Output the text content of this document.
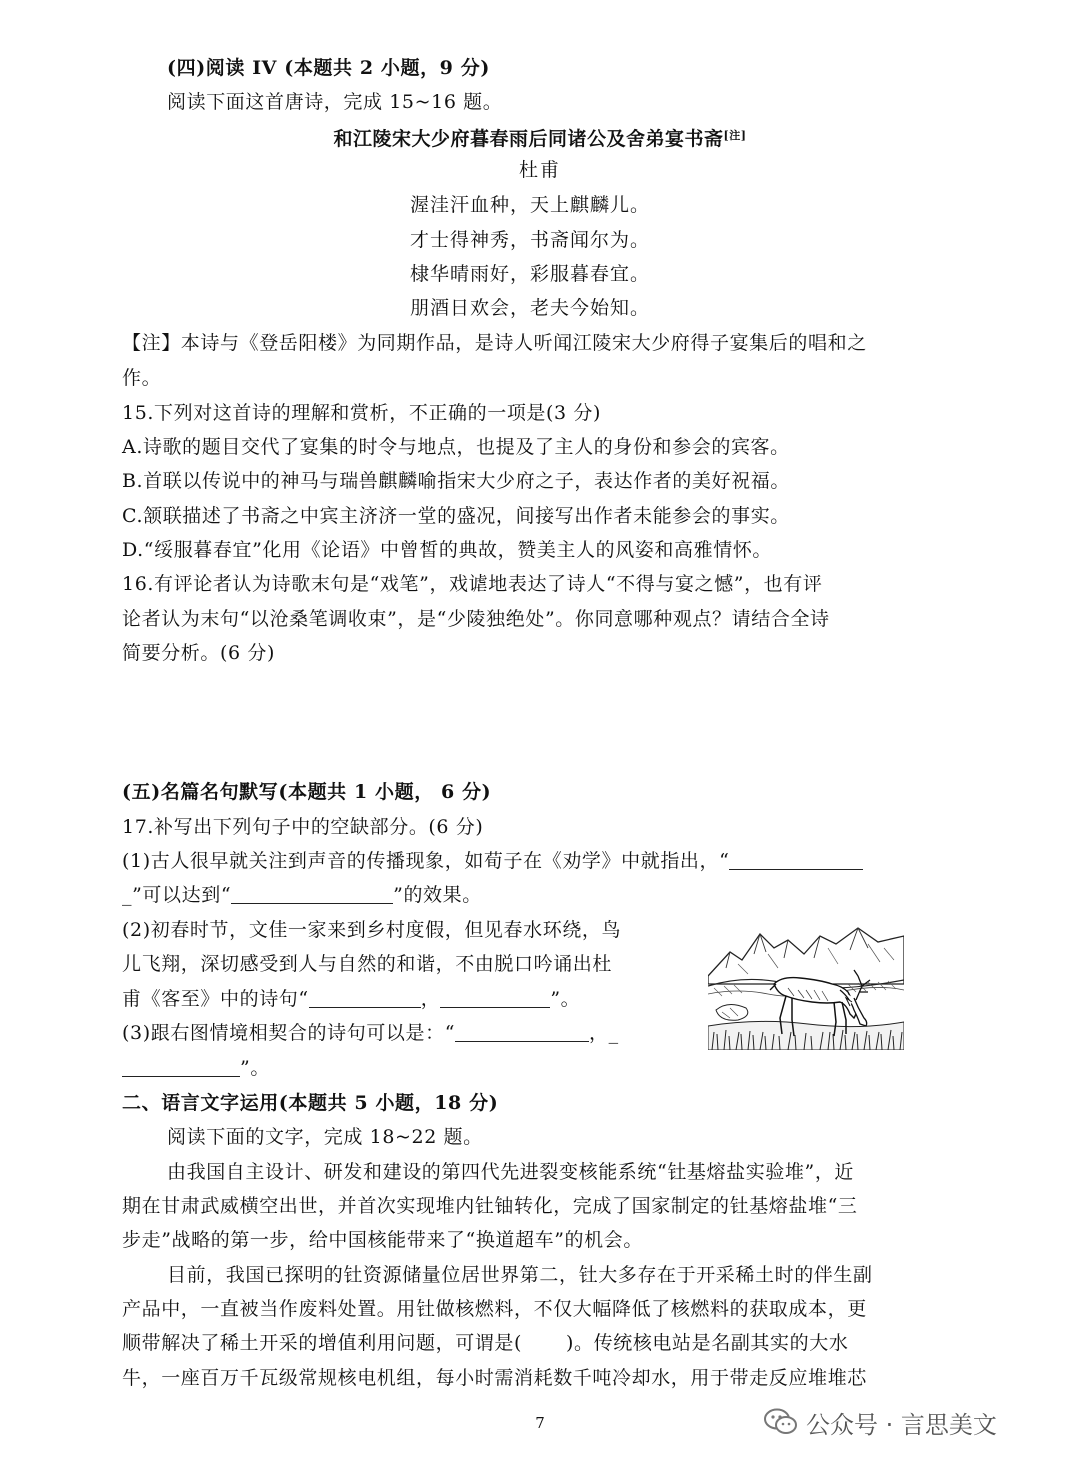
(四)阅读 IV (本题共 2 小题，9 分)
阅读下面这首唐诗，完成 15~16 题。
和江陵宋大少府暮春雨后同诸公及舍弟宴书斋[注]
杜甫
渥洼汗血种，天上麒麟儿。
才士得神秀，书斋闻尔为。
棣华晴雨好，彩服暮春宜。
朋酒日欢会，老夫今始知。
【注】本诗与《登岳阳楼》为同期作品，是诗人听闻江陵宋大少府得子宴集后的唱和之
作。
15.下列对这首诗的理解和赏析，不正确的一项是(3 分)
A.诗歌的题目交代了宴集的时令与地点，也提及了主人的身份和参会的宾客。
B.首联以传说中的神马与瑞兽麒麟喻指宋大少府之子，表达作者的美好祝福。
C.颔联描述了书斋之中宾主济济一堂的盛况，间接写出作者未能参会的事实。
D.“绥服暮春宜”化用《论语》中曾皙的典故，赞美主人的风姿和高雅情怀。
16.有评论者认为诗歌末句是“戏笔”，戏谑地表达了诗人“不得与宴之憾”，也有评
论者认为末句“以沧桑笔调收束”，是“少陵独绝处”。你同意哪种观点？请结合全诗
简要分析。(6 分)
(五)名篇名句默写(本题共 1 小题， 6 分)
17.补写出下列句子中的空缺部分。(6 分)
(1)古人很早就关注到声音的传播现象，如荀子在《劝学》中就指出，“
_”可以达到“	”的效果。
(2)初春时节，文佳一家来到乡村度假，但见春水环绕，鸟
儿飞翔，深切感受到人与自然的和谐，不由脱口吟诵出杜
甫《客至》中的诗句“	，	”。
(3)跟右图情境相契合的诗句可以是：“	，_
”。
二、语言文字运用(本题共 5 小题，18 分)
阅读下面的文字，完成 18~22 题。
由我国自主设计、研发和建设的第四代先进裂变核能系统“钍基熔盐实验堆”，近
期在甘肃武威横空出世，并首次实现堆内钍铀转化，完成了国家制定的钍基熔盐堆“三
步走”战略的第一步，给中国核能带来了“换道超车”的机会。
目前，我国已探明的钍资源储量位居世界第二，钍大多存在于开采稀土时的伴生副
产品中，一直被当作废料处置。用钍做核燃料，不仅大幅降低了核燃料的获取成本，更
顺带解决了稀土开采的增值利用问题，可谓是( )。传统核电站是名副其实的大水
牛，一座百万千瓦级常规核电机组，每小时需消耗数千吨冷却水，用于带走反应堆堆芯
7	公众号 · 言思美文
